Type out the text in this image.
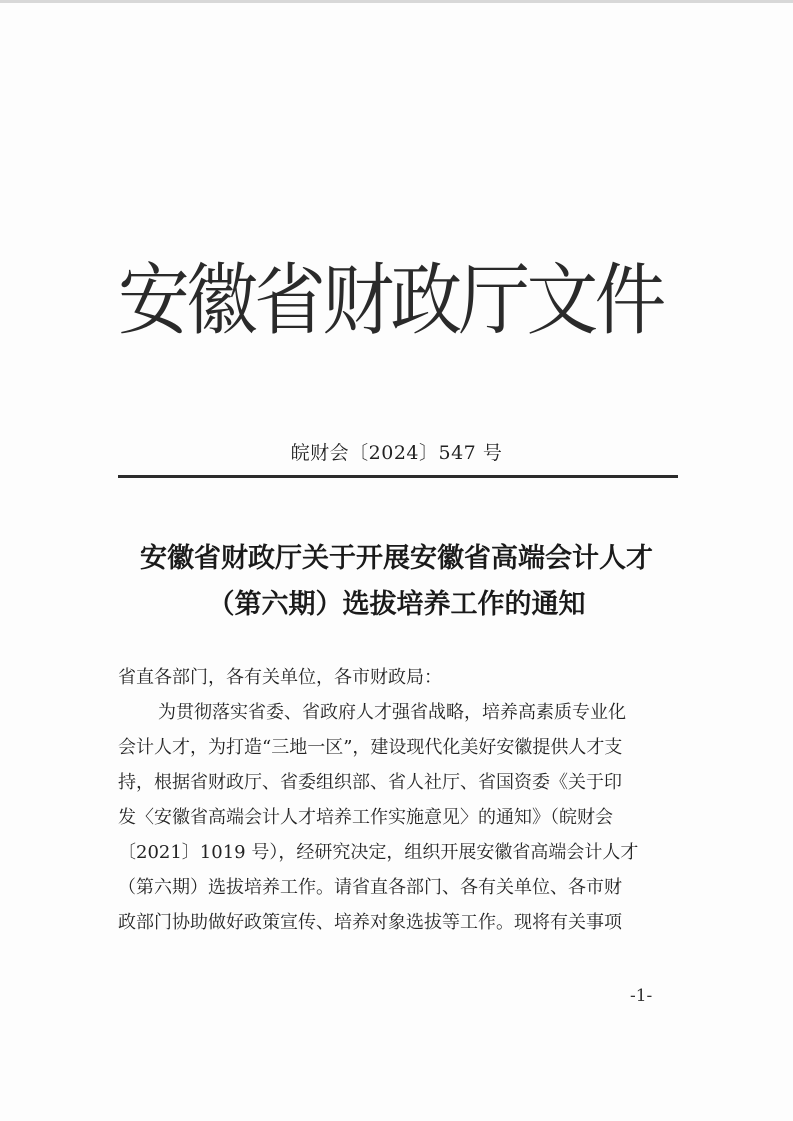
安徽省财政厅文件
皖财会〔2024〕547 号
安徽省财政厅关于开展安徽省高端会计人才
（第六期）选拔培养工作的通知
省直各部门，各有关单位，各市财政局：
为贯彻落实省委、省政府人才强省战略，培养高素质专业化
会计人才，为打造“三地一区”，建设现代化美好安徽提供人才支
持，根据省财政厅、省委组织部、省人社厅、省国资委《关于印
发〈安徽省高端会计人才培养工作实施意见〉的通知》（皖财会
〔2021〕1019 号），经研究决定，组织开展安徽省高端会计人才
（第六期）选拔培养工作。请省直各部门、各有关单位、各市财
政部门协助做好政策宣传、培养对象选拔等工作。现将有关事项
-1-
